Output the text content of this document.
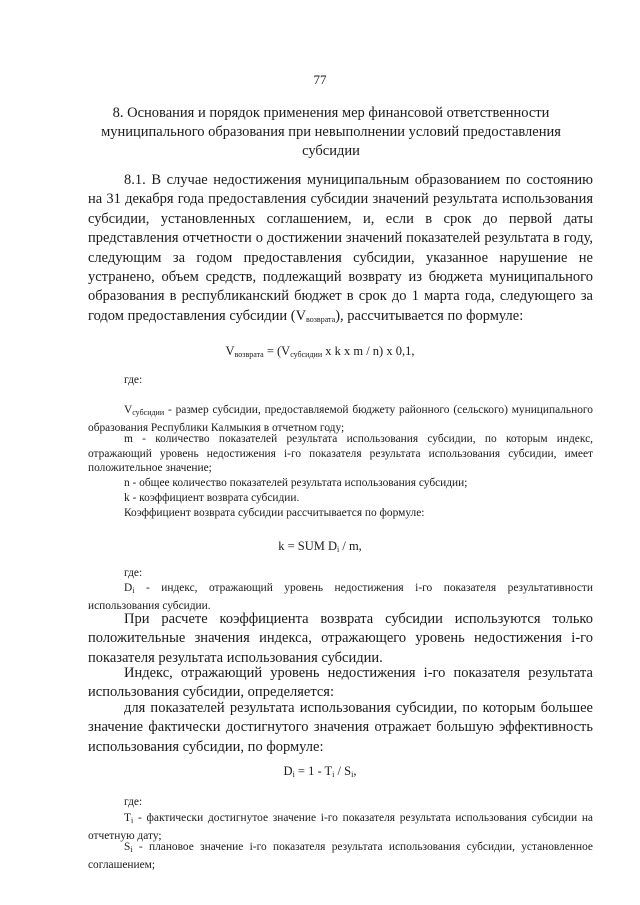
77
8. Основания и порядок применения мер финансовой ответственности муниципального образования при невыполнении условий предоставления субсидии

8.1. В случае недостижения муниципальным образованием по состоянию на 31 декабря года предоставления субсидии значений результата использования субсидии, установленных соглашением, и, если в срок до первой даты представления отчетности о достижении значений показателей результата в году, следующим за годом предоставления субсидии, указанное нарушение не устранено, объем средств, подлежащий возврату из бюджета муниципального образования в республиканский бюджет в срок до 1 марта года, следующего за годом предоставления субсидии $(V_{возврата})$, рассчитывается по формуле:

$V_{возврата} = (V_{субсидии}$ x k x m / n) x 0,1,
где:

$V_{субсидии}$ - размер субсидии, предоставляемой бюджету районного (сельского) муниципального образования Республики Калмыкия в отчетном году;

m - количество показателей результата использования субсидии, по которым индекс, отражающий уровень недостижения i-го показателя результата использования субсидии, имеет положительное значение;

n - общее количество показателей результата использования субсидии;

k - коэффициент возврата субсидии.

Коэффициент возврата субсидии рассчитывается по формуле:

k = SUM $D_i$ / m,
где:

$D_i$ - индекс, отражающий уровень недостижения i-го показателя результативности использования субсидии.

При расчете коэффициента возврата субсидии используются только положительные значения индекса, отражающего уровень недостижения i-го показателя результата использования субсидии.

Индекс, отражающий уровень недостижения i-го показателя результата использования субсидии, определяется:

для показателей результата использования субсидии, по которым большее значение фактически достигнутого значения отражает большую эффективность использования субсидии, по формуле:

$D_i = 1 - T_i / S_i$,
где:

$T_i$ - фактически достигнутое значение i-го показателя результата использования субсидии на отчетную дату;

$S_i$ - плановое значение i-го показателя результата использования субсидии, установленное соглашением;
